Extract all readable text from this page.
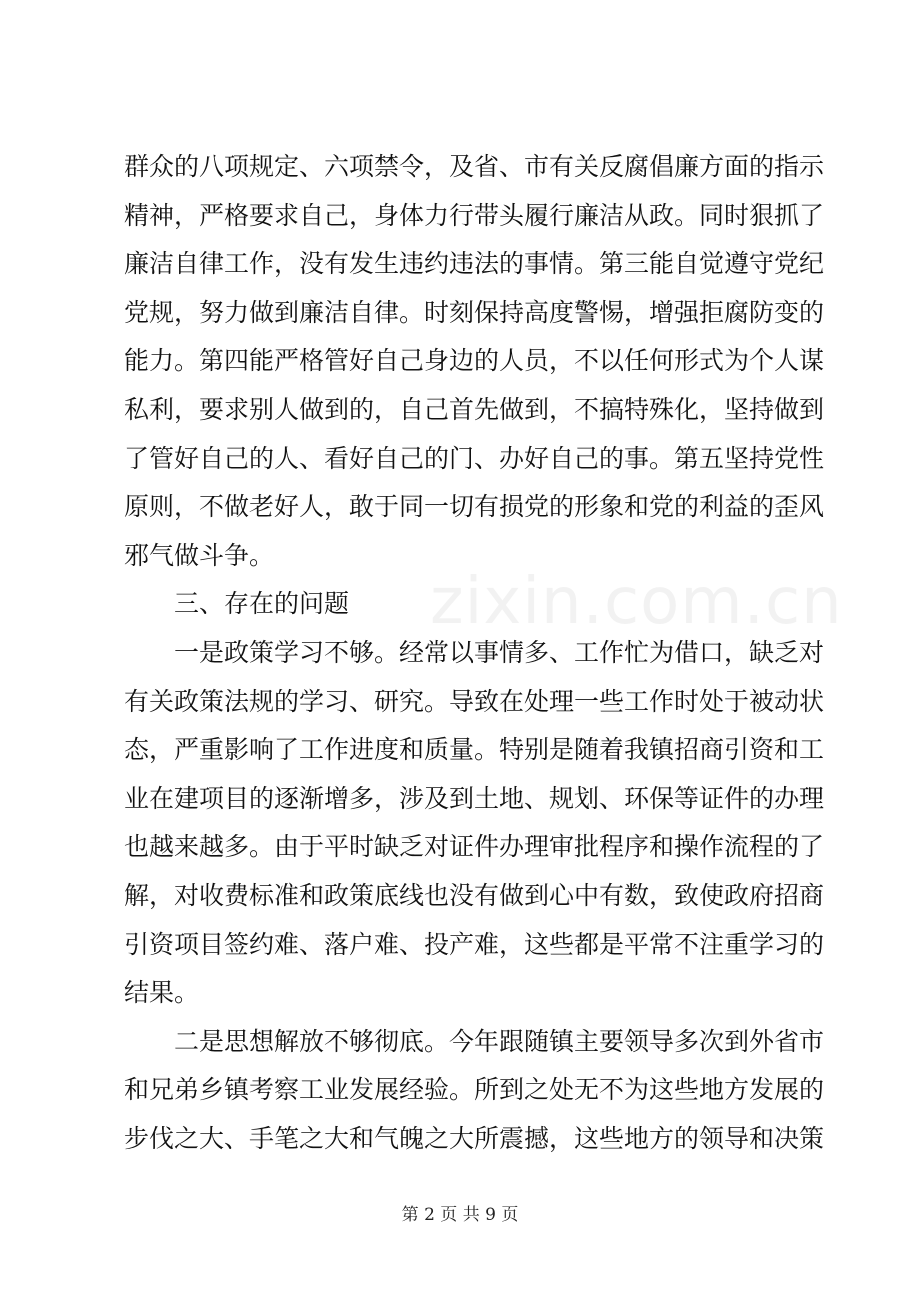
群众的八项规定、六项禁令，及省、市有关反腐倡廉方面的指示
精神，严格要求自己，身体力行带头履行廉洁从政。同时狠抓了
廉洁自律工作，没有发生违约违法的事情。第三能自觉遵守党纪
党规，努力做到廉洁自律。时刻保持高度警惕，增强拒腐防变的
能力。第四能严格管好自己身边的人员，不以任何形式为个人谋
私利，要求别人做到的，自己首先做到，不搞特殊化，坚持做到
了管好自己的人、看好自己的门、办好自己的事。第五坚持党性
原则，不做老好人，敢于同一切有损党的形象和党的利益的歪风
邪气做斗争。
三、存在的问题
一是政策学习不够。经常以事情多、工作忙为借口，缺乏对
有关政策法规的学习、研究。导致在处理一些工作时处于被动状
态，严重影响了工作进度和质量。特别是随着我镇招商引资和工
业在建项目的逐渐增多，涉及到土地、规划、环保等证件的办理
也越来越多。由于平时缺乏对证件办理审批程序和操作流程的了
解，对收费标准和政策底线也没有做到心中有数，致使政府招商
引资项目签约难、落户难、投产难，这些都是平常不注重学习的
结果。
二是思想解放不够彻底。今年跟随镇主要领导多次到外省市
和兄弟乡镇考察工业发展经验。所到之处无不为这些地方发展的
步伐之大、手笔之大和气魄之大所震撼，这些地方的领导和决策
zixin.com.cn
第 2 页 共 9 页
